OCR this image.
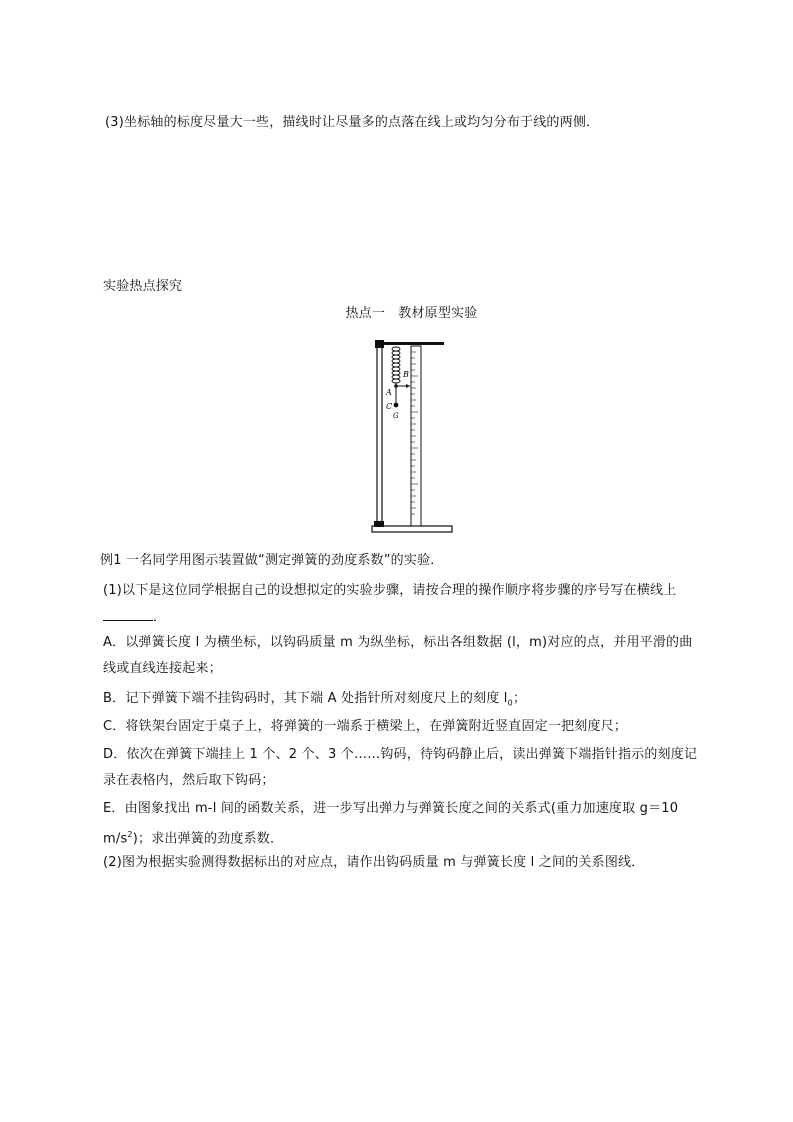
(3)坐标轴的标度尽量大一些，描线时让尽量多的点落在线上或均匀分布于线的两侧．
实验热点探究
热点一　教材原型实验
B
A
C
G
例1 一名同学用图示装置做“测定弹簧的劲度系数”的实验．
(1)以下是这位同学根据自己的设想拟定的实验步骤，请按合理的操作顺序将步骤的序号写在横线上
．
A．以弹簧长度 l 为横坐标，以钩码质量 m 为纵坐标，标出各组数据 (l，m)对应的点，并用平滑的曲
线或直线连接起来；
B．记下弹簧下端不挂钩码时，其下端 A 处指针所对刻度尺上的刻度 $l_0$；
C．将铁架台固定于桌子上，将弹簧的一端系于横梁上，在弹簧附近竖直固定一把刻度尺；
D．依次在弹簧下端挂上 1 个、2 个、3 个……钩码，待钩码静止后，读出弹簧下端指针指示的刻度记
录在表格内，然后取下钩码；
E．由图象找出 m-l 间的函数关系，进一步写出弹力与弹簧长度之间的关系式(重力加速度取 g＝10
$m/s^2$)；求出弹簧的劲度系数．
(2)图为根据实验测得数据标出的对应点，请作出钩码质量 m 与弹簧长度 l 之间的关系图线．
